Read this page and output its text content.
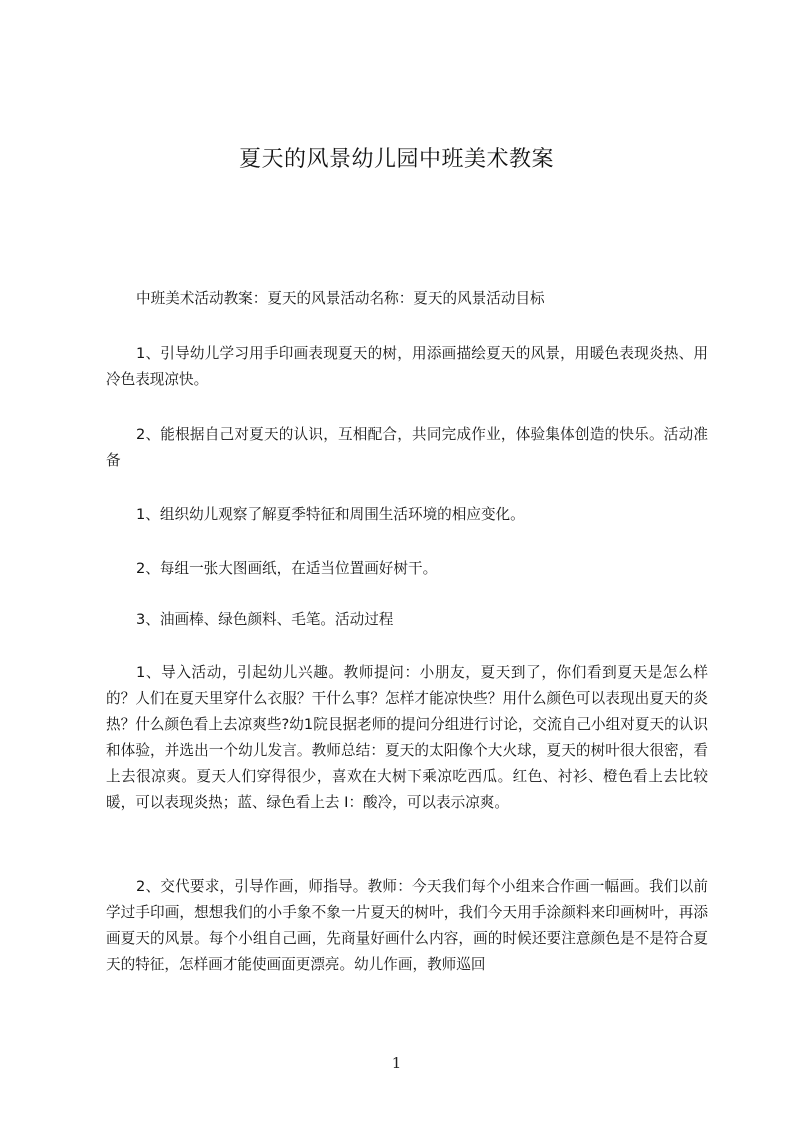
夏天的风景幼儿园中班美术教案
中班美术活动教案：夏天的风景活动名称：夏天的风景活动目标
1、引导幼儿学习用手印画表现夏天的树，用添画描绘夏天的风景，用暖色表现炎热、用冷色表现凉快。
2、能根据自己对夏天的认识，互相配合，共同完成作业，体验集体创造的快乐。活动准备
1、组织幼儿观察了解夏季特征和周围生活环境的相应变化。
2、每组一张大图画纸，在适当位置画好树干。
3、油画棒、绿色颜料、毛笔。活动过程
1、导入活动，引起幼儿兴趣。教师提问：小朋友，夏天到了，你们看到夏天是怎么样的？人们在夏天里穿什么衣服？干什么事？怎样才能凉快些？用什么颜色可以表现出夏天的炎热？什么颜色看上去凉爽些?幼1院艮据老师的提问分组进行讨论，交流自己小组对夏天的认识和体验，并选出一个幼儿发言。教师总结：夏天的太阳像个大火球，夏天的树叶很大很密，看上去很凉爽。夏天人们穿得很少，喜欢在大树下乘凉吃西瓜。红色、衬衫、橙色看上去比较暖，可以表现炎热；蓝、绿色看上去 I：酸冷，可以表示凉爽。
2、交代要求，引导作画，师指导。教师：今天我们每个小组来合作画一幅画。我们以前学过手印画，想想我们的小手象不象一片夏天的树叶，我们今天用手涂颜料来印画树叶，再添画夏天的风景。每个小组自己画，先商量好画什么内容，画的时候还要注意颜色是不是符合夏天的特征，怎样画才能使画面更漂亮。幼儿作画，教师巡回
1
